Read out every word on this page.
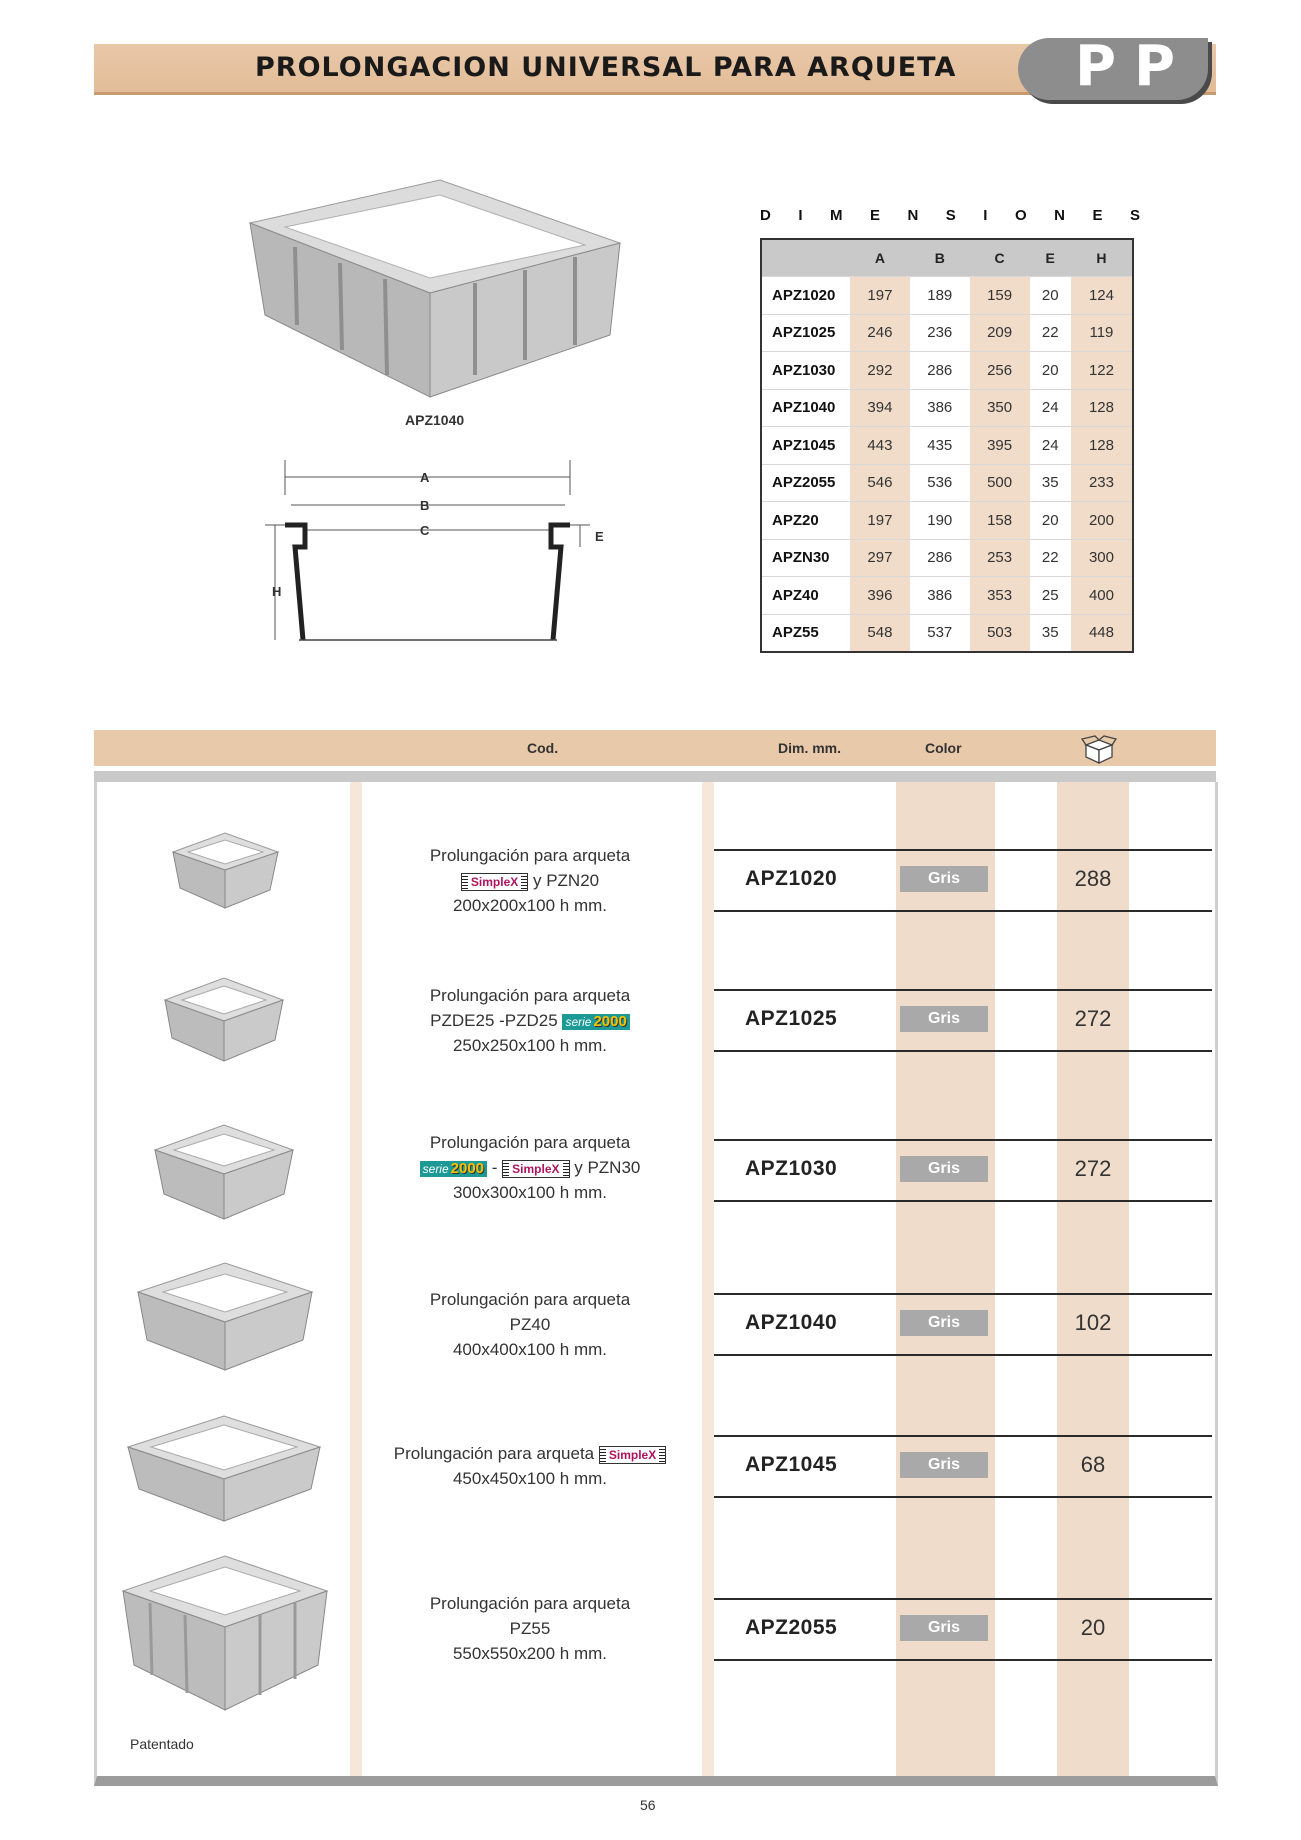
PROLONGACION UNIVERSAL PARA ARQUETA PP
APZ1040
A
B
C	E
H
D I M E N S I O N E S
	A	B	C	E	H
APZ1020	197	189	159	20	124
APZ1025	246	236	209	22	119
APZ1030	292	286	256	20	122
APZ1040	394	386	350	24	128
APZ1045	443	435	395	24	128
APZ2055	546	536	500	35	233
APZ20	197	190	158	20	200
APZN30	297	286	253	22	300
APZ40	396	386	353	25	400
APZ55	548	537	503	35	448
Cod.	Dim. mm.	Color
Prolungación para arqueta
SimpleX y PZN20
200x200x100 h mm.
APZ1020	Gris	288
Prolungación para arqueta
PZDE25 -PZD25 serie 2000
250x250x100 h mm.
APZ1025	Gris	272
Prolungación para arqueta
serie 2000 - SimpleX y PZN30
300x300x100 h mm.
APZ1030	Gris	272
Prolungación para arqueta
PZ40
400x400x100 h mm.
APZ1040	Gris	102
Prolungación para arqueta SimpleX
450x450x100 h mm.
APZ1045	Gris	68
Prolungación para arqueta
PZ55
550x550x200 h mm.
APZ2055	Gris	20
Patentado
56
